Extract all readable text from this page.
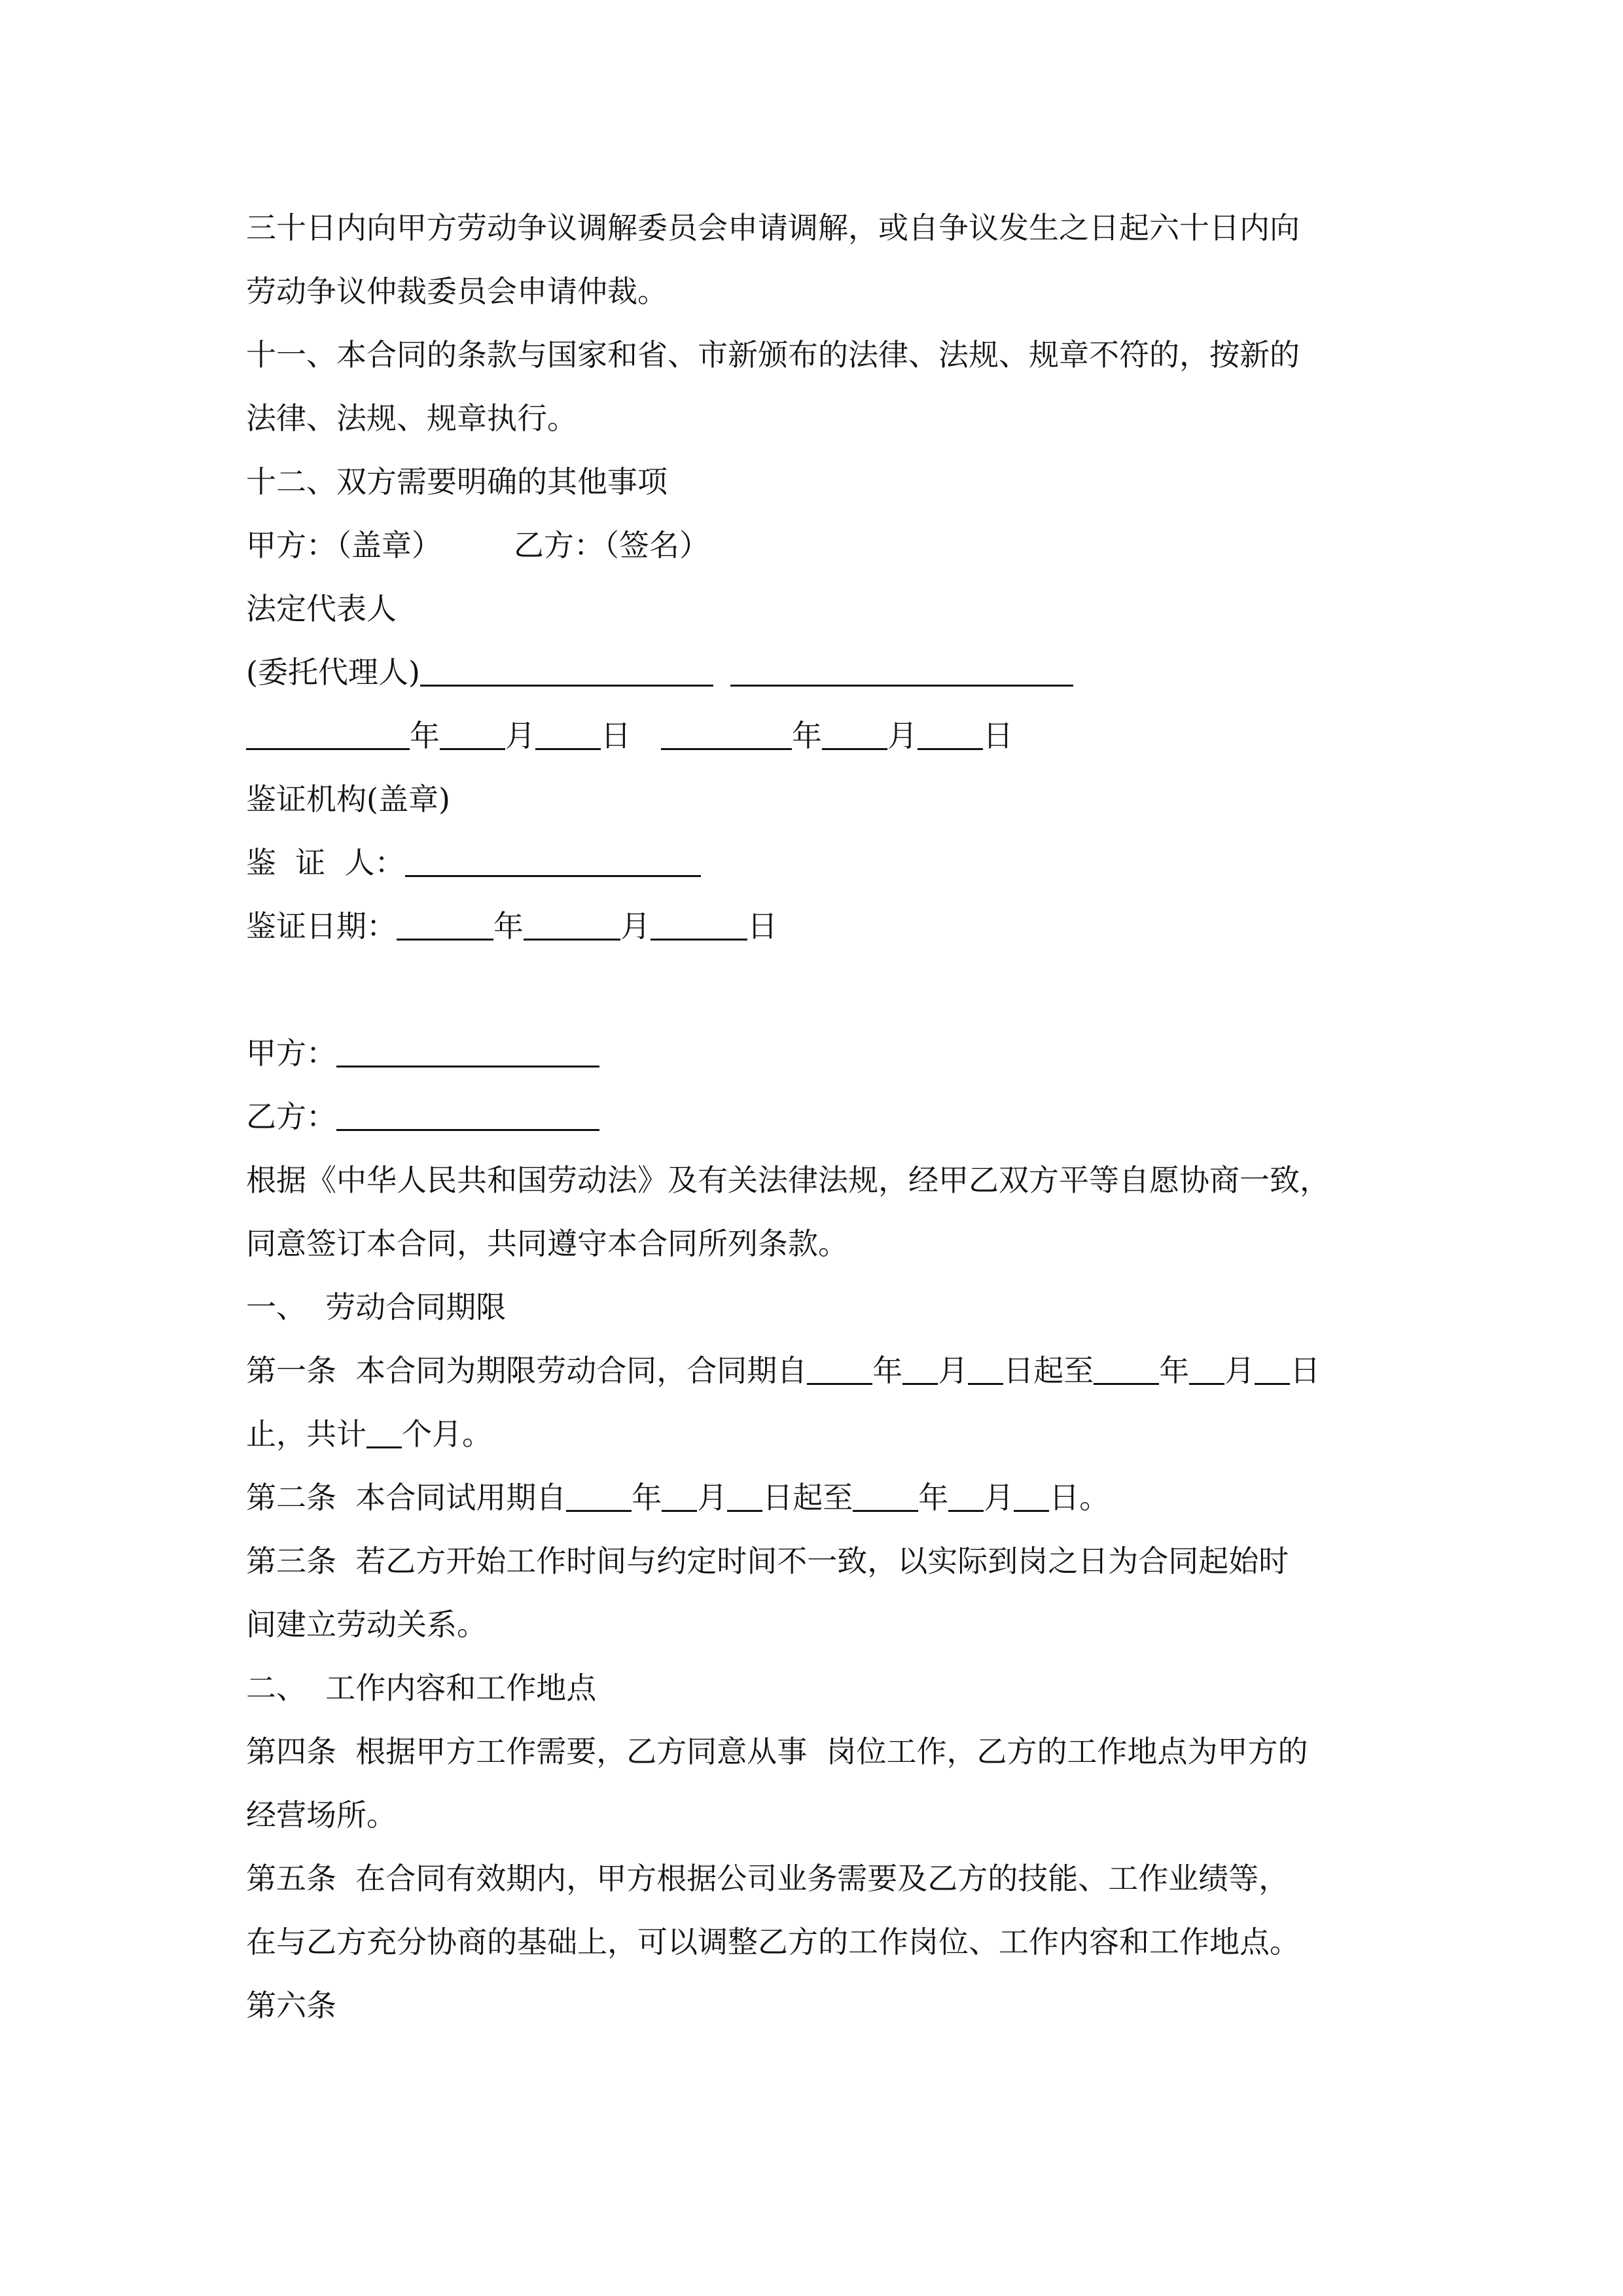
三十日内向甲方劳动争议调解委员会申请调解，或自争议发生之日起六十日内向
劳动争议仲裁委员会申请仲裁。
十一、本合同的条款与国家和省、市新颁布的法律、法规、规章不符的，按新的
法律、法规、规章执行。
十二、双方需要明确的其他事项
甲方：（盖章） 乙方：（签名）
法定代表人
(委托代理人)
年 月 日	年 月 日
鉴证机构(盖章)
鉴  证  人：
鉴证日期：	年	月	日
甲方：
乙方：
根据《中华人民共和国劳动法》及有关法律法规，经甲乙双方平等自愿协商一致，
同意签订本合同，共同遵守本合同所列条款。
一、  劳动合同期限
第一条  本合同为期限劳动合同，合同期自 年 月 日起至 年 月 日
止，共计 个月。
第二条  本合同试用期自 年 月 日起至 年 月 日。
第三条  若乙方开始工作时间与约定时间不一致，以实际到岗之日为合同起始时
间建立劳动关系。
二、  工作内容和工作地点
第四条  根据甲方工作需要，乙方同意从事  岗位工作，乙方的工作地点为甲方的
经营场所。
第五条  在合同有效期内，甲方根据公司业务需要及乙方的技能、工作业绩等，
在与乙方充分协商的基础上，可以调整乙方的工作岗位、工作内容和工作地点。
第六条
